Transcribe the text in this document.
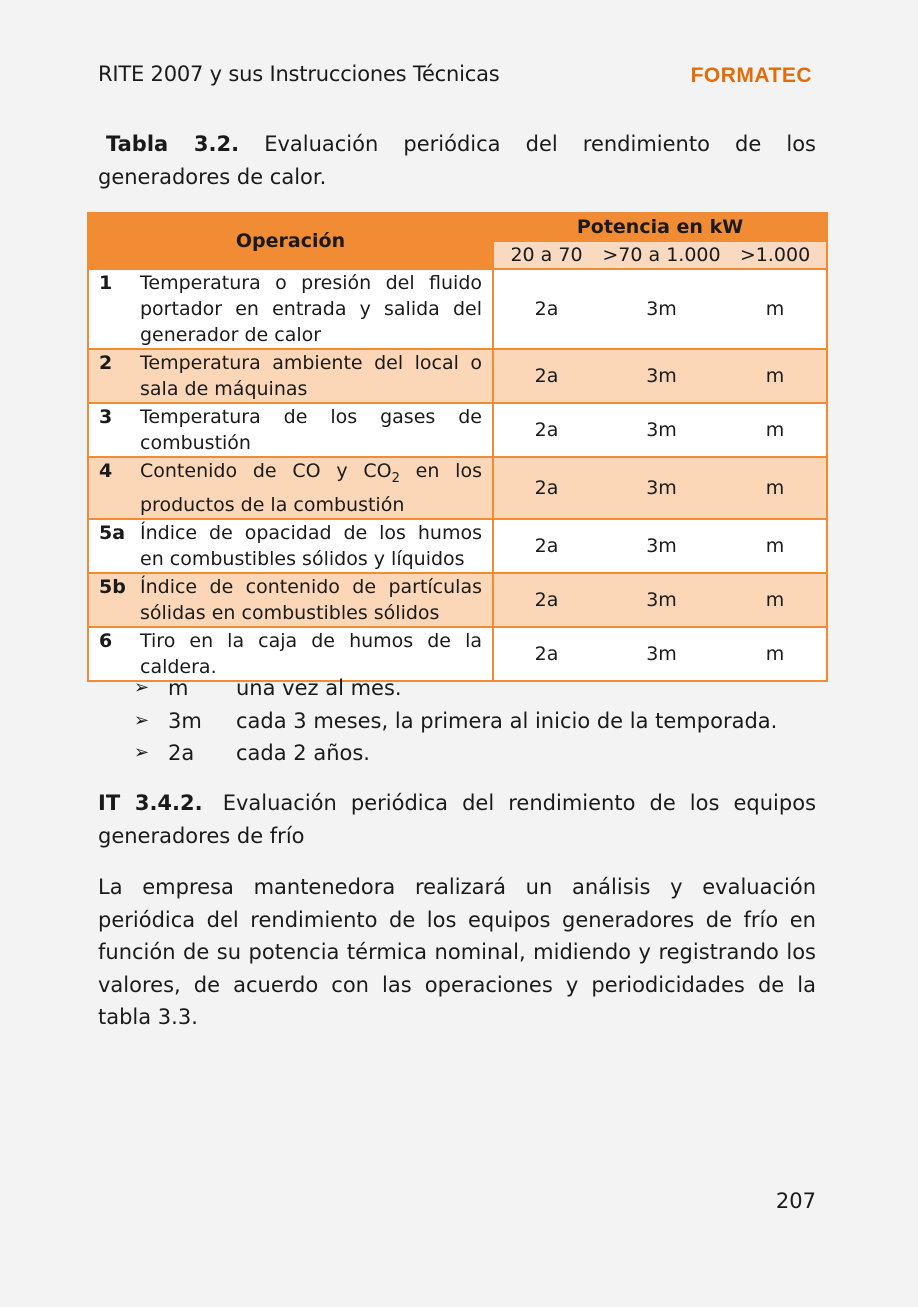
RITE 2007 y sus Instrucciones Técnicas	FORMATEC
Tabla 3.2. Evaluación periódica del rendimiento de los generadores de calor.
Operación		Potencia en kW		
		20 a 70	>70 a 1.000	>1.000
1	Temperatura o presión del fluido portador en entrada y salida del generador de calor	2a	3m	m
2	Temperatura ambiente del local o sala de máquinas	2a	3m	m
3	Temperatura de los gases de combustión	2a	3m	m
4	Contenido de CO y $CO_2$ en los productos de la combustión	2a	3m	m
5a	Índice de opacidad de los humos en combustibles sólidos y líquidos	2a	3m	m
5b	Índice de contenido de partículas sólidas en combustibles sólidos	2a	3m	m
6	Tiro en la caja de humos de la caldera.	2a	3m	m
➢ m	una vez al mes.
➢ 3m	cada 3 meses, la primera al inicio de la temporada.
➢ 2a	cada 2 años.
IT 3.4.2. Evaluación periódica del rendimiento de los equipos generadores de frío
La empresa mantenedora realizará un análisis y evaluación periódica del rendimiento de los equipos generadores de frío en función de su potencia térmica nominal, midiendo y registrando los valores, de acuerdo con las operaciones y periodicidades de la tabla 3.3.
207
